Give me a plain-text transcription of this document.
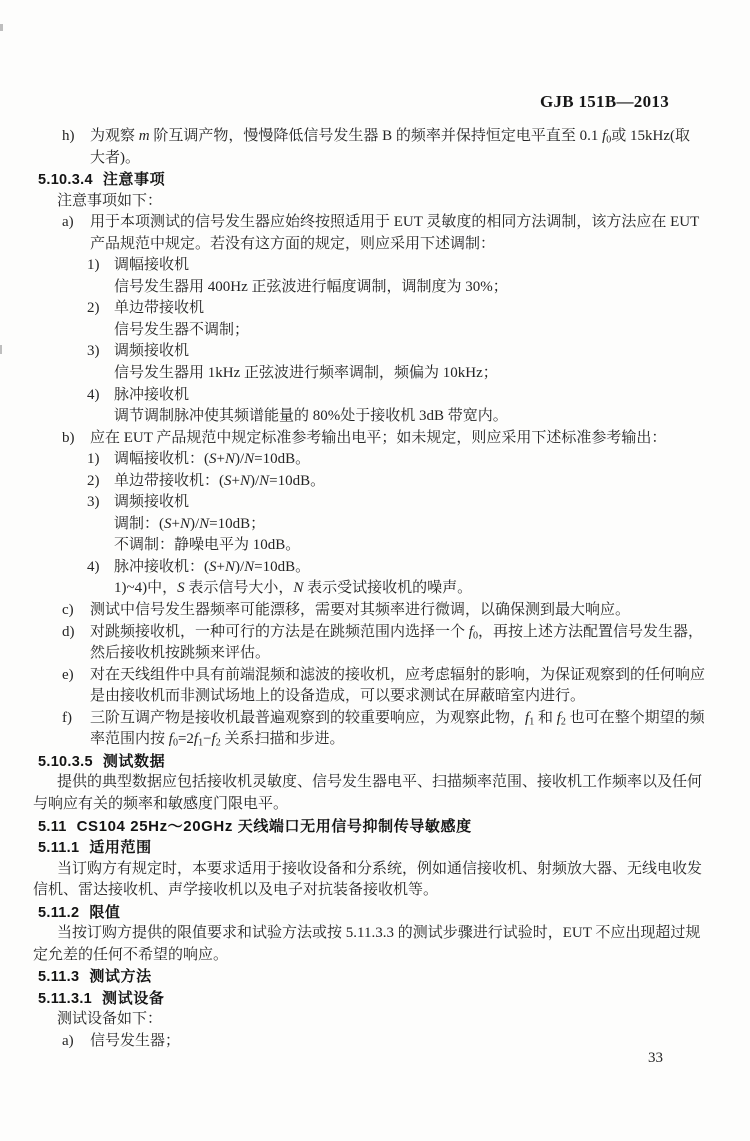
GJB 151B—2013
h) 为观察 m 阶互调产物，慢慢降低信号发生器 B 的频率并保持恒定电平直至 0.1 f0或 15kHz(取
大者)。
5.10.3.4 注意事项
注意事项如下：
a) 用于本项测试的信号发生器应始终按照适用于 EUT 灵敏度的相同方法调制，该方法应在 EUT
产品规范中规定。若没有这方面的规定，则应采用下述调制：
1) 调幅接收机
信号发生器用 400Hz 正弦波进行幅度调制，调制度为 30%；
2) 单边带接收机
信号发生器不调制；
3) 调频接收机
信号发生器用 1kHz 正弦波进行频率调制，频偏为 10kHz；
4) 脉冲接收机
调节调制脉冲使其频谱能量的 80%处于接收机 3dB 带宽内。
b) 应在 EUT 产品规范中规定标准参考输出电平；如未规定，则应采用下述标准参考输出：
1) 调幅接收机：(S+N)/N=10dB。
2) 单边带接收机：(S+N)/N=10dB。
3) 调频接收机
调制：(S+N)/N=10dB；
不调制：静噪电平为 10dB。
4) 脉冲接收机：(S+N)/N=10dB。
1)~4)中，S 表示信号大小，N 表示受试接收机的噪声。
c) 测试中信号发生器频率可能漂移，需要对其频率进行微调，以确保测到最大响应。
d) 对跳频接收机，一种可行的方法是在跳频范围内选择一个 f0，再按上述方法配置信号发生器，
然后接收机按跳频来评估。
e) 对在天线组件中具有前端混频和滤波的接收机，应考虑辐射的影响，为保证观察到的任何响应
是由接收机而非测试场地上的设备造成，可以要求测试在屏蔽暗室内进行。
f) 三阶互调产物是接收机最普遍观察到的较重要响应，为观察此物，f1 和 f2 也可在整个期望的频
率范围内按 f0=2f1−f2 关系扫描和步进。
5.10.3.5 测试数据
提供的典型数据应包括接收机灵敏度、信号发生器电平、扫描频率范围、接收机工作频率以及任何
与响应有关的频率和敏感度门限电平。
5.11 CS104 25Hz～20GHz 天线端口无用信号抑制传导敏感度
5.11.1 适用范围
当订购方有规定时，本要求适用于接收设备和分系统，例如通信接收机、射频放大器、无线电收发
信机、雷达接收机、声学接收机以及电子对抗装备接收机等。
5.11.2 限值
当按订购方提供的限值要求和试验方法或按 5.11.3.3 的测试步骤进行试验时，EUT 不应出现超过规
定允差的任何不希望的响应。
5.11.3 测试方法
5.11.3.1 测试设备
测试设备如下：
a) 信号发生器；
33
